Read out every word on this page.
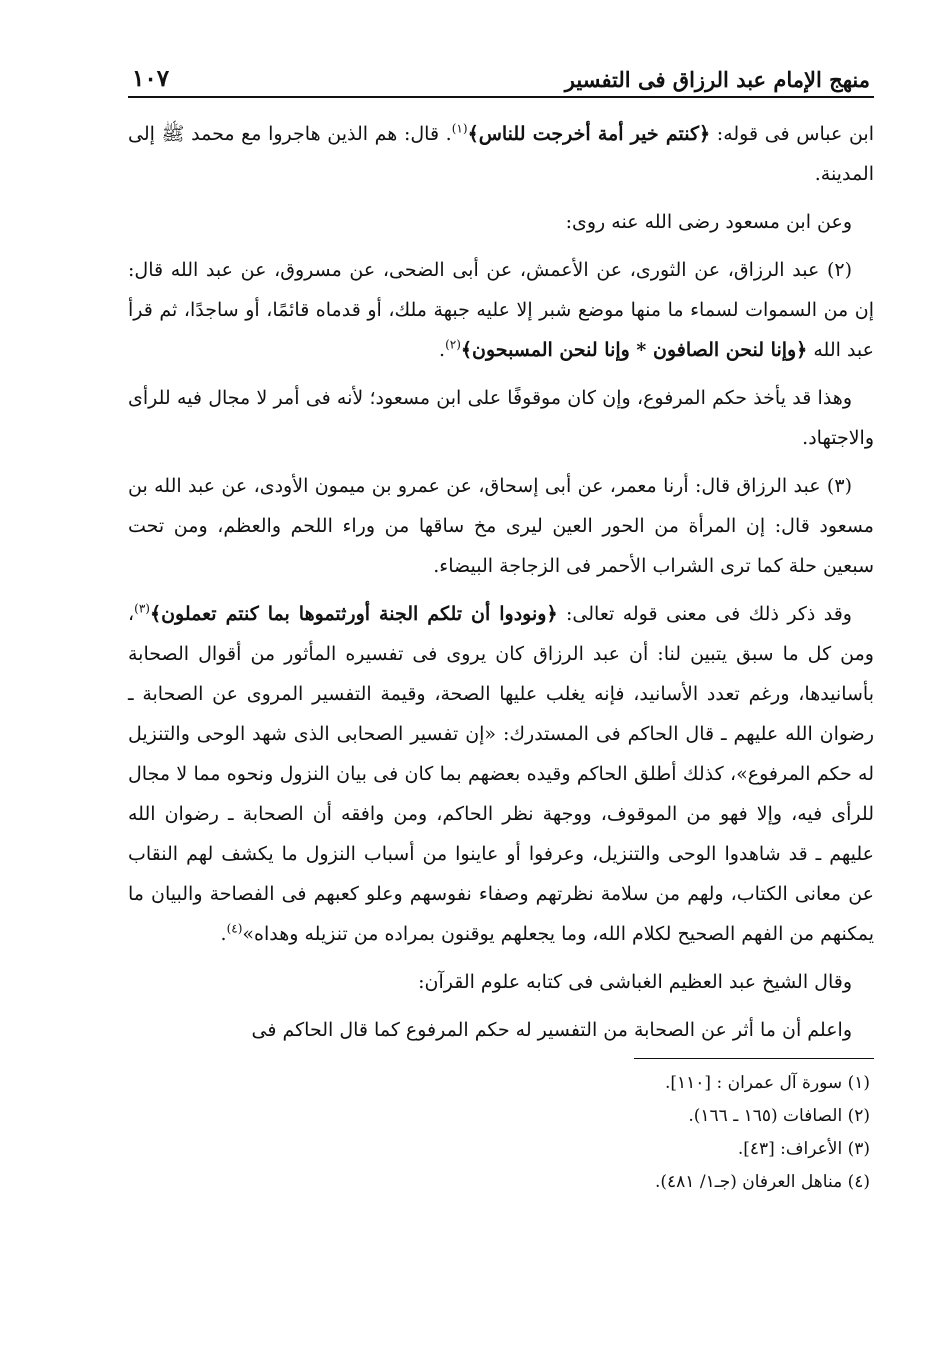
منهج الإمام عبد الرزاق فى التفسير
١٠٧

ابن عباس فى قوله: ﴿كنتم خير أمة أخرجت للناس﴾$^{(١)}$. قال: هم الذين هاجروا مع محمد ﷺ إلى المدينة.

وعن ابن مسعود رضى الله عنه روى:

(٢) عبد الرزاق، عن الثورى، عن الأعمش، عن أبى الضحى، عن مسروق، عن عبد الله قال: إن من السموات لسماء ما منها موضع شبر إلا عليه جبهة ملك، أو قدماه قائمًا، أو ساجدًا، ثم قرأ عبد الله ﴿وإنا لنحن الصافون * وإنا لنحن المسبحون﴾$^{(٢)}$.

وهذا قد يأخذ حكم المرفوع، وإن كان موقوفًا على ابن مسعود؛ لأنه فى أمر لا مجال فيه للرأى والاجتهاد.

(٣) عبد الرزاق قال: أرنا معمر، عن أبى إسحاق، عن عمرو بن ميمون الأودى، عن عبد الله بن مسعود قال: إن المرأة من الحور العين ليرى مخ ساقها من وراء اللحم والعظم، ومن تحت سبعين حلة كما ترى الشراب الأحمر فى الزجاجة البيضاء.

وقد ذكر ذلك فى معنى قوله تعالى: ﴿ونودوا أن تلكم الجنة أورثتموها بما كنتم تعملون﴾$^{(٣)}$، ومن كل ما سبق يتبين لنا: أن عبد الرزاق كان يروى فى تفسيره المأثور من أقوال الصحابة بأسانيدها، ورغم تعدد الأسانيد، فإنه يغلب عليها الصحة، وقيمة التفسير المروى عن الصحابة ـ رضوان الله عليهم ـ قال الحاكم فى المستدرك: «إن تفسير الصحابى الذى شهد الوحى والتنزيل له حكم المرفوع»، كذلك أطلق الحاكم وقيده بعضهم بما كان فى بيان النزول ونحوه مما لا مجال للرأى فيه، وإلا فهو من الموقوف، ووجهة نظر الحاكم، ومن وافقه أن الصحابة ـ رضوان الله عليهم ـ قد شاهدوا الوحى والتنزيل، وعرفوا أو عاينوا من أسباب النزول ما يكشف لهم النقاب عن معانى الكتاب، ولهم من سلامة نظرتهم وصفاء نفوسهم وعلو كعبهم فى الفصاحة والبيان ما يمكنهم من الفهم الصحيح لكلام الله، وما يجعلهم يوقنون بمراده من تنزيله وهداه»$^{(٤)}$.

وقال الشيخ عبد العظيم الغباشى فى كتابه علوم القرآن:

واعلم أن ما أثر عن الصحابة من التفسير له حكم المرفوع كما قال الحاكم فى

(١) سورة آل عمران : [١١٠].

(٢) الصافات (١٦٥ ـ ١٦٦).

(٣) الأعراف: [٤٣].

(٤) مناهل العرفان (جـ١/ ٤٨١).
